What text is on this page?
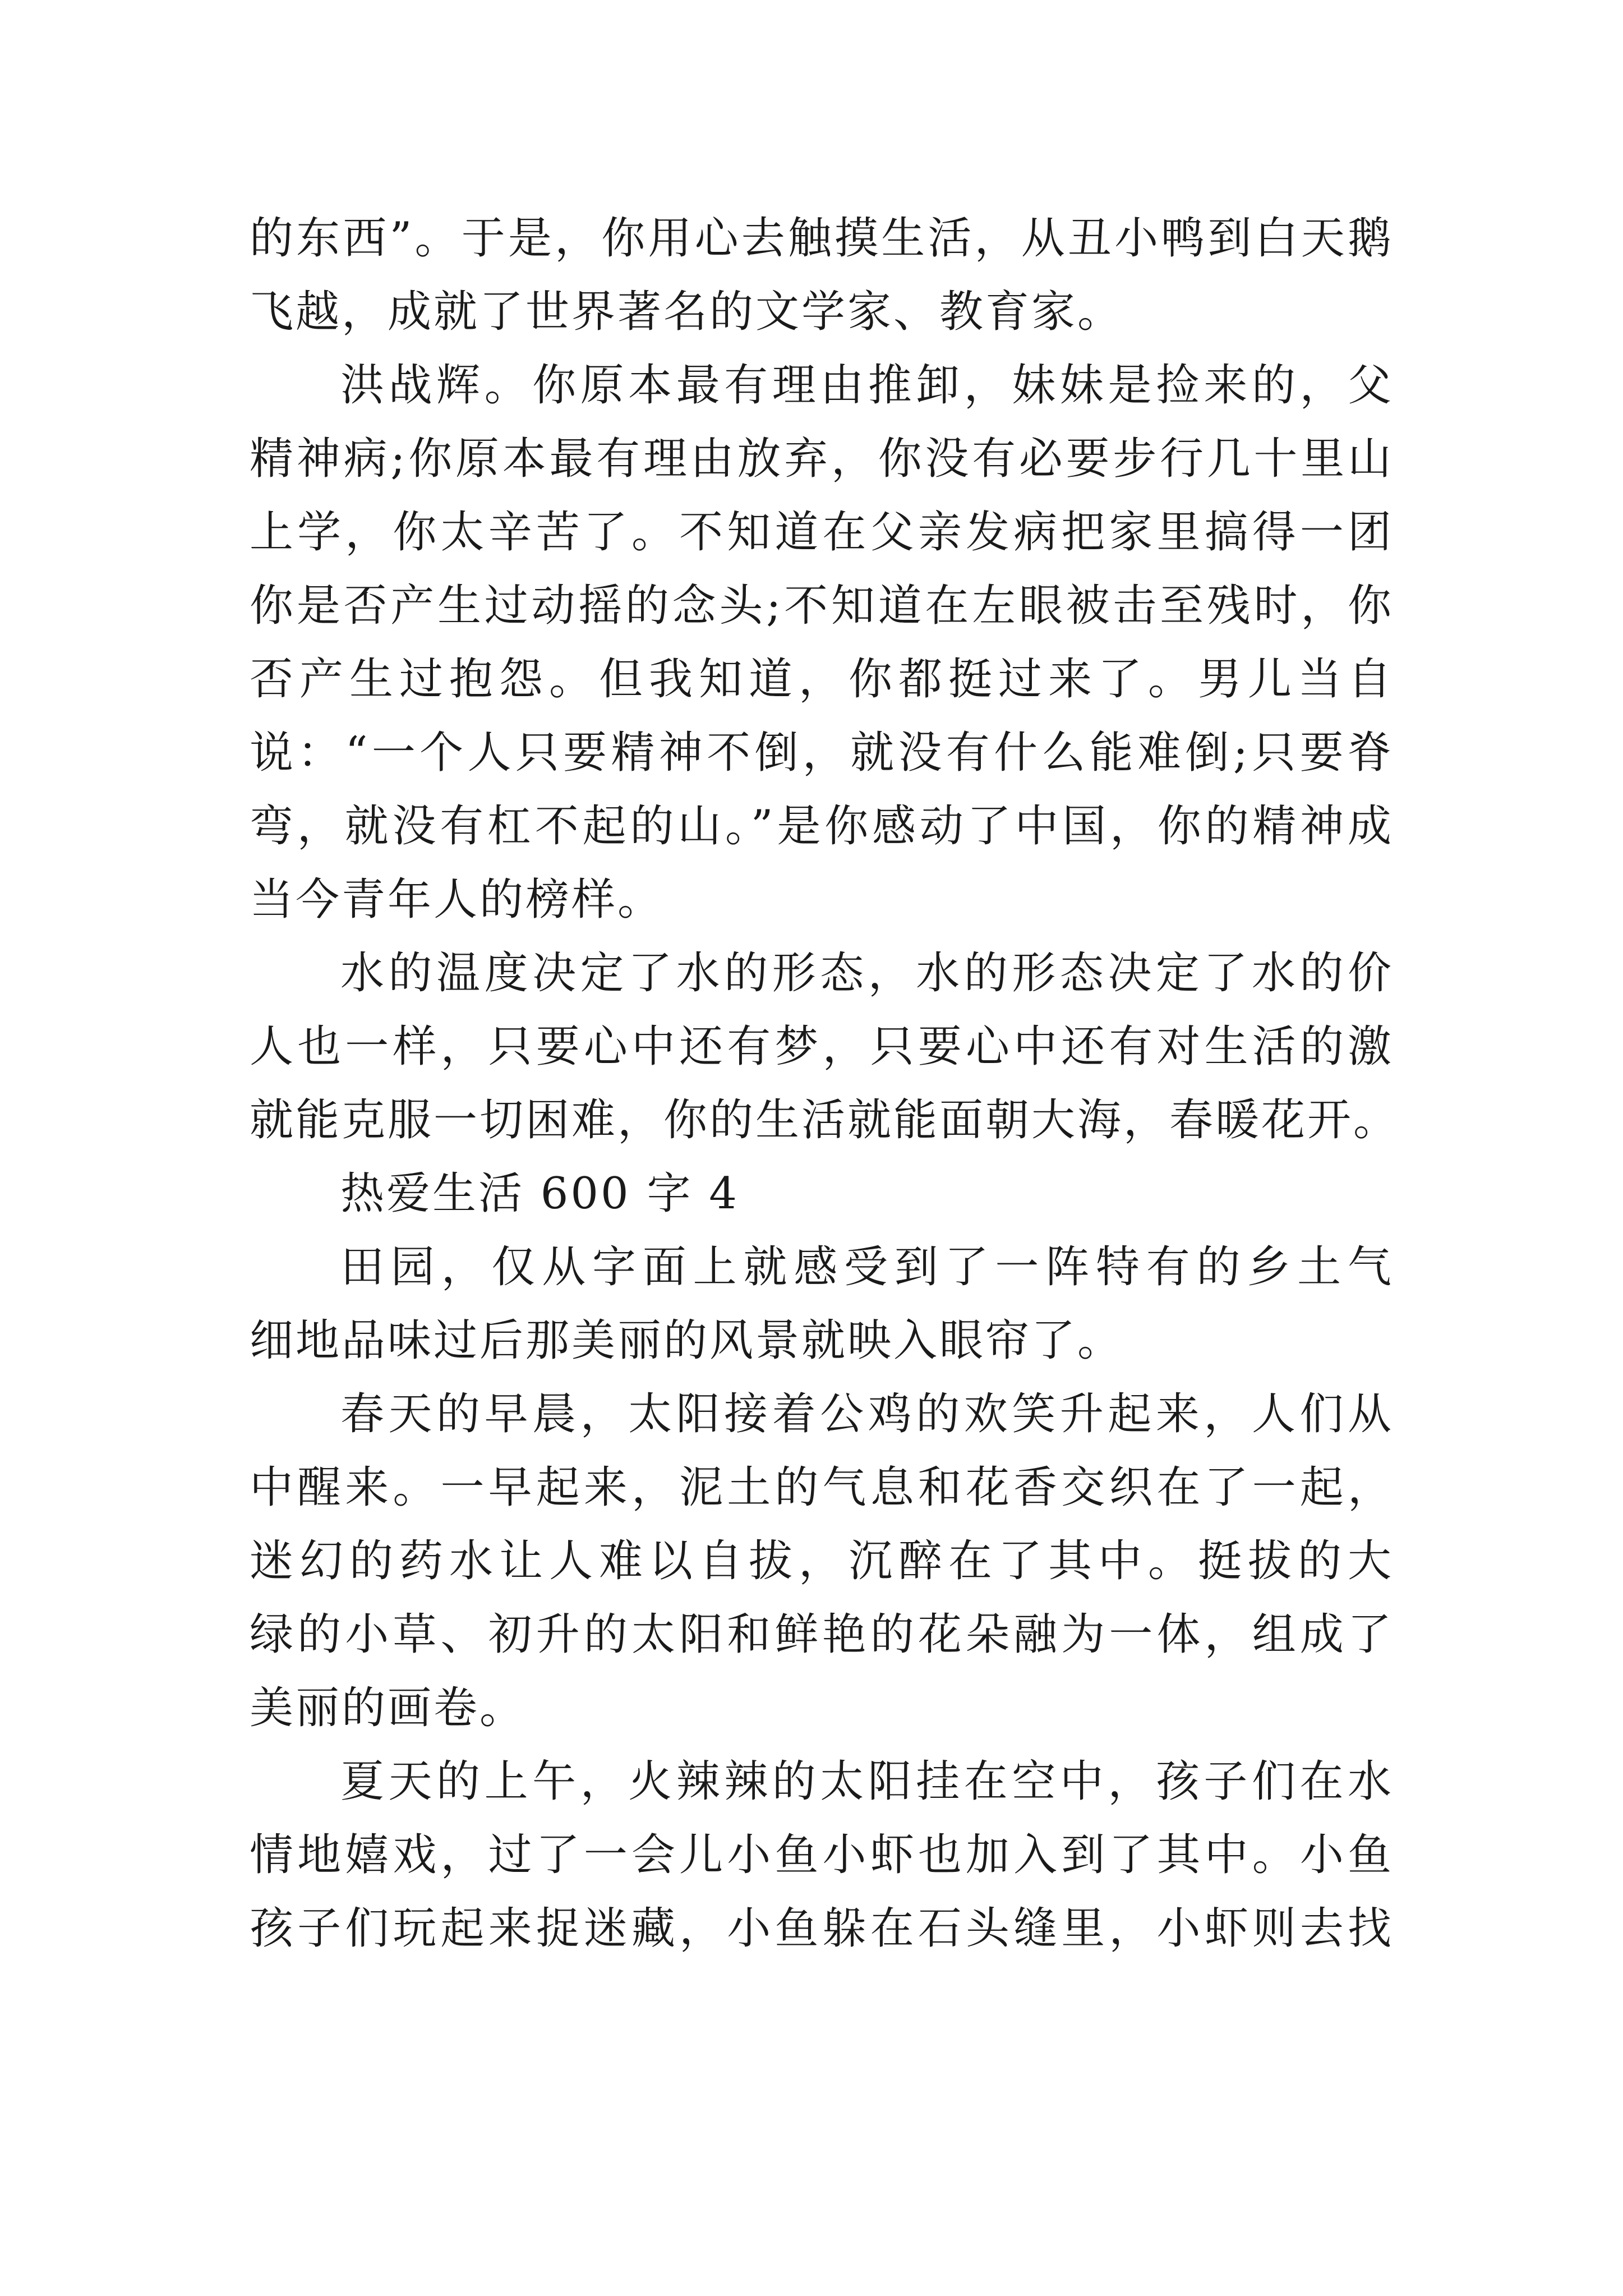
的东西”。于是，你用心去触摸生活，从丑小鸭到白天鹅
飞越，成就了世界著名的文学家、教育家。
洪战辉。你原本最有理由推卸，妹妹是捡来的，父
精神病;你原本最有理由放弃，你没有必要步行几十里山
上学，你太辛苦了。不知道在父亲发病把家里搞得一团
你是否产生过动摇的念头;不知道在左眼被击至残时，你
否产生过抱怨。但我知道，你都挺过来了。男儿当自
说：“一个人只要精神不倒，就没有什么能难倒;只要脊
弯，就没有杠不起的山。”是你感动了中国，你的精神成
当今青年人的榜样。
水的温度决定了水的形态，水的形态决定了水的价
人也一样，只要心中还有梦，只要心中还有对生活的激
就能克服一切困难，你的生活就能面朝大海，春暖花开。
热爱生活 600 字 4
田园，仅从字面上就感受到了一阵特有的乡土气
细地品味过后那美丽的风景就映入眼帘了。
春天的早晨，太阳接着公鸡的欢笑升起来，人们从
中醒来。一早起来，泥土的气息和花香交织在了一起，
迷幻的药水让人难以自拔，沉醉在了其中。挺拔的大
绿的小草、初升的太阳和鲜艳的花朵融为一体，组成了
美丽的画卷。
夏天的上午，火辣辣的太阳挂在空中，孩子们在水
情地嬉戏，过了一会儿小鱼小虾也加入到了其中。小鱼
孩子们玩起来捉迷藏，小鱼躲在石头缝里，小虾则去找
